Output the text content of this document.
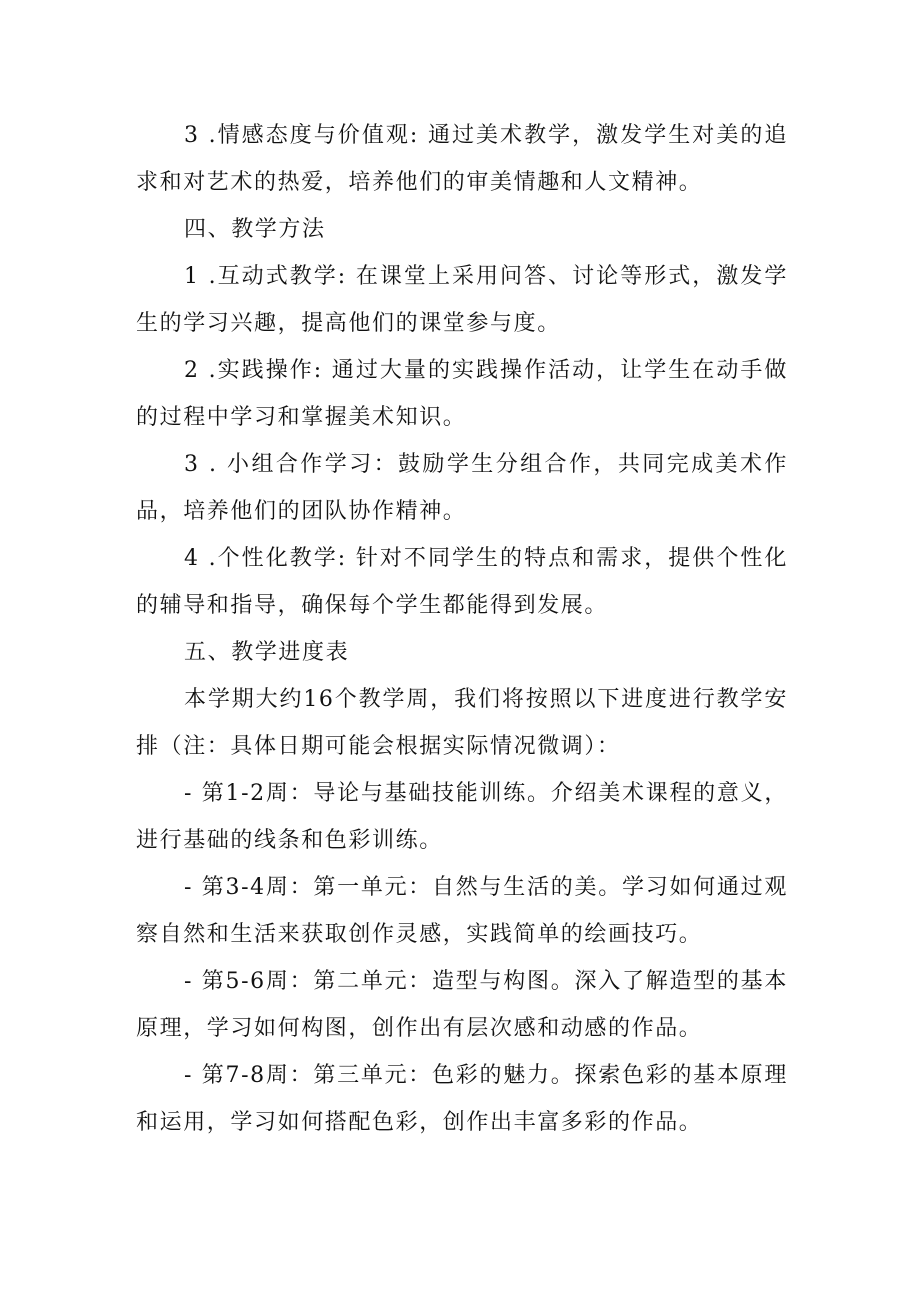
3 .情感态度与价值观: 通过美术教学，激发学生对美的追求和对艺术的热爱，培养他们的审美情趣和人文精神。

四、教学方法

1 .互动式教学: 在课堂上采用问答、讨论等形式，激发学生的学习兴趣，提高他们的课堂参与度。

2 .实践操作: 通过大量的实践操作活动，让学生在动手做的过程中学习和掌握美术知识。

3 . 小组合作学习：鼓励学生分组合作，共同完成美术作品，培养他们的团队协作精神。

4 .个性化教学: 针对不同学生的特点和需求，提供个性化的辅导和指导，确保每个学生都能得到发展。

五、教学进度表

本学期大约16个教学周，我们将按照以下进度进行教学安排（注：具体日期可能会根据实际情况微调）：

- 第1-2周：导论与基础技能训练。介绍美术课程的意义，进行基础的线条和色彩训练。

- 第3-4周：第一单元：自然与生活的美。学习如何通过观察自然和生活来获取创作灵感，实践简单的绘画技巧。

- 第5-6周：第二单元：造型与构图。深入了解造型的基本原理，学习如何构图，创作出有层次感和动感的作品。

- 第7-8周：第三单元：色彩的魅力。探索色彩的基本原理和运用，学习如何搭配色彩，创作出丰富多彩的作品。
